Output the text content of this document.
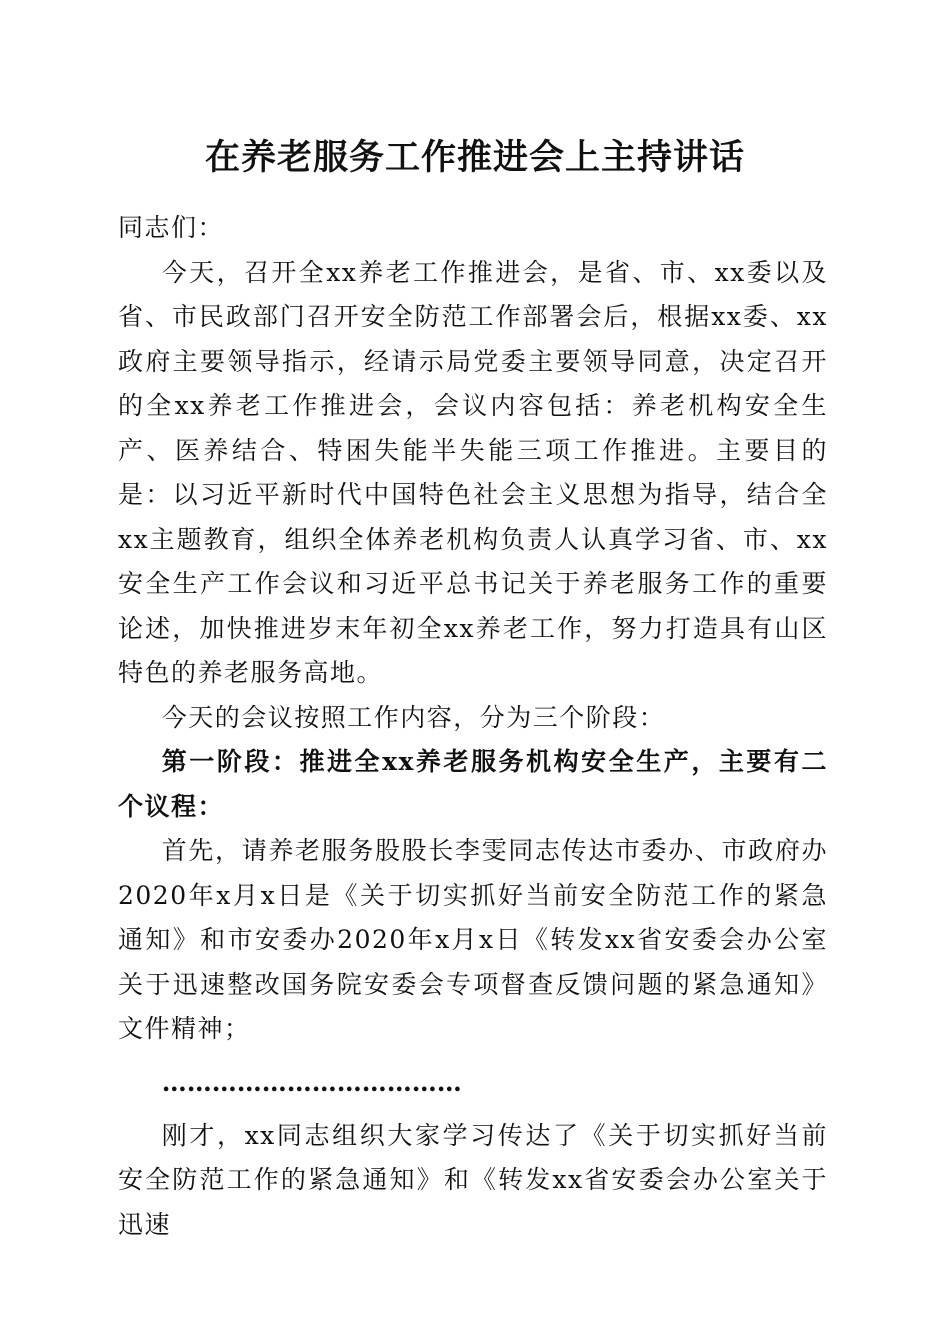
在养老服务工作推进会上主持讲话

同志们：

今天，召开全xx养老工作推进会，是省、市、xx委以及省、市民政部门召开安全防范工作部署会后，根据xx委、xx政府主要领导指示，经请示局党委主要领导同意，决定召开的全xx养老工作推进会，会议内容包括：养老机构安全生产、医养结合、特困失能半失能三项工作推进。主要目的是：以习近平新时代中国特色社会主义思想为指导，结合全xx主题教育，组织全体养老机构负责人认真学习省、市、xx安全生产工作会议和习近平总书记关于养老服务工作的重要论述，加快推进岁末年初全xx养老工作，努力打造具有山区特色的养老服务高地。

今天的会议按照工作内容，分为三个阶段：

第一阶段：推进全xx养老服务机构安全生产，主要有二个议程：

首先，请养老服务股股长李雯同志传达市委办、市政府办2020年x月x日是《关于切实抓好当前安全防范工作的紧急通知》和市安委办2020年x月x日《转发xx省安委会办公室关于迅速整改国务院安委会专项督查反馈问题的紧急通知》文件精神；

………………………………

刚才，xx同志组织大家学习传达了《关于切实抓好当前安全防范工作的紧急通知》和《转发xx省安委会办公室关于迅速
